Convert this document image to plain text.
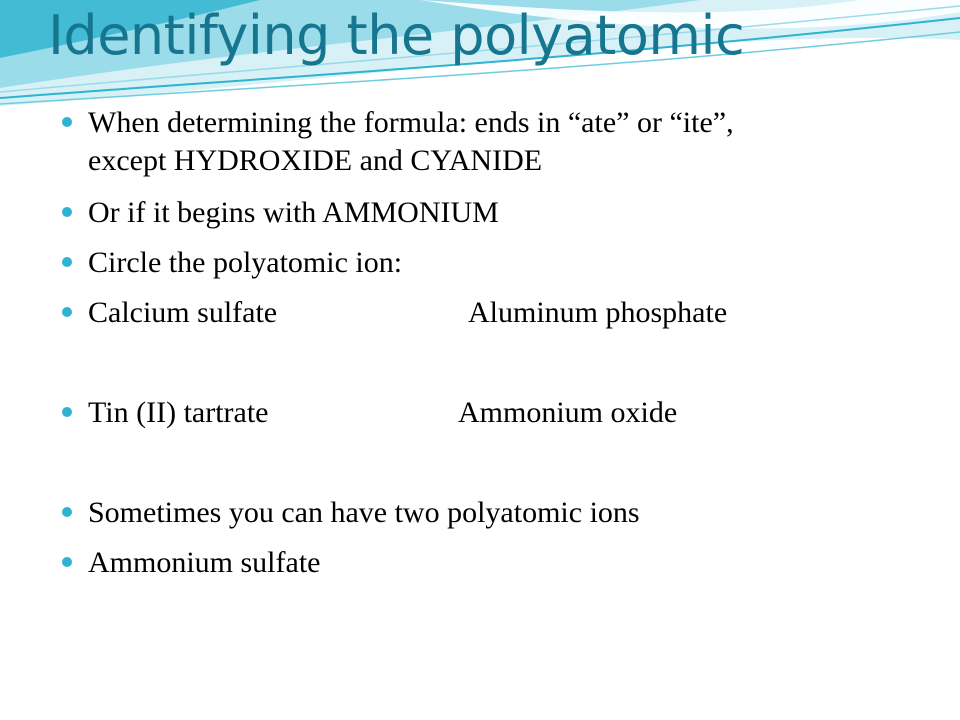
Identifying the polyatomic
When determining the formula: ends in “ate” or “ite”,
except HYDROXIDE and CYANIDE
Or if it begins with AMMONIUM
Circle the polyatomic ion:
Calcium sulfate	Aluminum phosphate
Tin (II) tartrate	Ammonium oxide
Sometimes you can have two polyatomic ions
Ammonium sulfate
